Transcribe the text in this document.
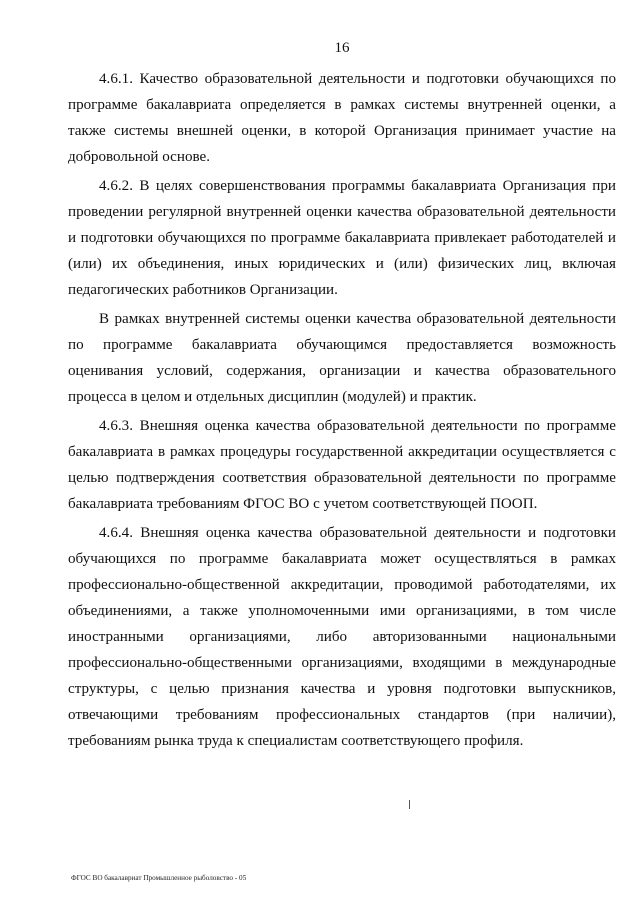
16

4.6.1. Качество образовательной деятельности и подготовки обучающихся по программе бакалавриата определяется в рамках системы внутренней оценки, а также системы внешней оценки, в которой Организация принимает участие на добровольной основе.

4.6.2. В целях совершенствования программы бакалавриата Организация при проведении регулярной внутренней оценки качества образовательной деятельности и подготовки обучающихся по программе бакалавриата привлекает работодателей и (или) их объединения, иных юридических и (или) физических лиц, включая педагогических работников Организации.

В рамках внутренней системы оценки качества образовательной деятельности по программе бакалавриата обучающимся предоставляется возможность оценивания условий, содержания, организации и качества образовательного процесса в целом и отдельных дисциплин (модулей) и практик.

4.6.3. Внешняя оценка качества образовательной деятельности по программе бакалавриата в рамках процедуры государственной аккредитации осуществляется с целью подтверждения соответствия образовательной деятельности по программе бакалавриата требованиям ФГОС ВО с учетом соответствующей ПООП.

4.6.4. Внешняя оценка качества образовательной деятельности и подготовки обучающихся по программе бакалавриата может осуществляться в рамках профессионально-общественной аккредитации, проводимой работодателями, их объединениями, а также уполномоченными ими организациями, в том числе иностранными организациями, либо авторизованными национальными профессионально-общественными организациями, входящими в международные структуры, с целью признания качества и уровня подготовки выпускников, отвечающими требованиям профессиональных стандартов (при наличии), требованиям рынка труда к специалистам соответствующего профиля.

ФГОС ВО бакалавриат Промышленное рыболовство - 05
